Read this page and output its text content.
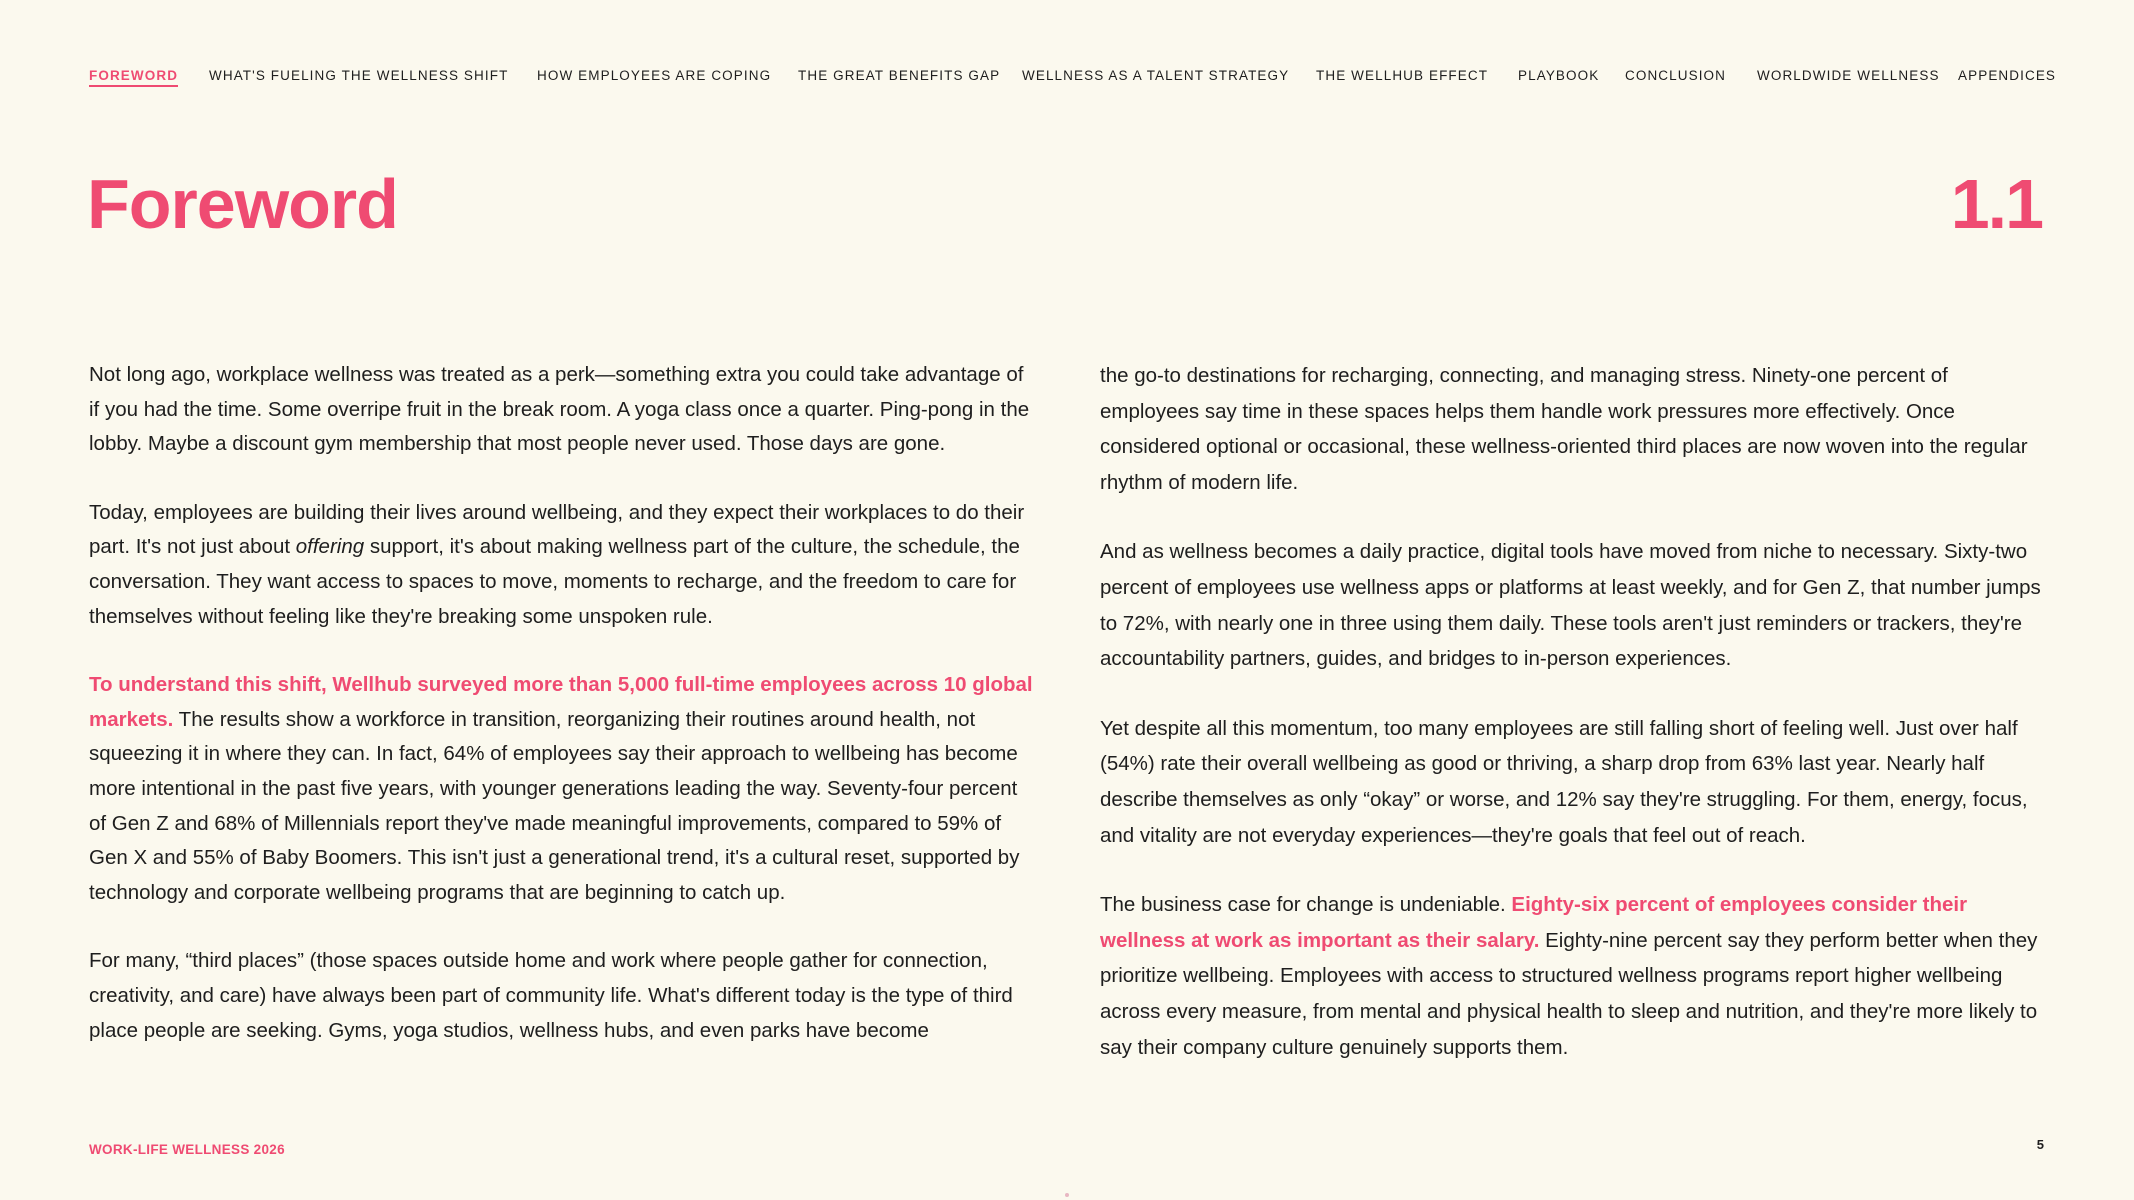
FOREWORD WHAT'S FUELING THE WELLNESS SHIFT HOW EMPLOYEES ARE COPING THE GREAT BENEFITS GAP WELLNESS AS A TALENT STRATEGY THE WELLHUB EFFECT PLAYBOOK CONCLUSION WORLDWIDE WELLNESS APPENDICES
Foreword	1.1

Not long ago, workplace wellness was treated as a perk—something extra you could take advantage of if you had the time. Some overripe fruit in the break room. A yoga class once a quarter. Ping-pong in the lobby. Maybe a discount gym membership that most people never used. Those days are gone.

Today, employees are building their lives around wellbeing, and they expect their workplaces to do their part. It's not just about offering support, it's about making wellness part of the culture, the schedule, the conversation. They want access to spaces to move, moments to recharge, and the freedom to care for themselves without feeling like they're breaking some unspoken rule.

To understand this shift, Wellhub surveyed more than 5,000 full-time employees across 10 global markets. The results show a workforce in transition, reorganizing their routines around health, not squeezing it in where they can. In fact, 64% of employees say their approach to wellbeing has become more intentional in the past five years, with younger generations leading the way. Seventy-four percent of Gen Z and 68% of Millennials report they've made meaningful improvements, compared to 59% of Gen X and 55% of Baby Boomers. This isn't just a generational trend, it's a cultural reset, supported by technology and corporate wellbeing programs that are beginning to catch up.

For many, “third places” (those spaces outside home and work where people gather for connection, creativity, and care) have always been part of community life. What's different today is the type of third place people are seeking. Gyms, yoga studios, wellness hubs, and even parks have become

the go-to destinations for recharging, connecting, and managing stress. Ninety-one percent of employees say time in these spaces helps them handle work pressures more effectively. Once considered optional or occasional, these wellness-oriented third places are now woven into the regular rhythm of modern life.

And as wellness becomes a daily practice, digital tools have moved from niche to necessary. Sixty-two percent of employees use wellness apps or platforms at least weekly, and for Gen Z, that number jumps to 72%, with nearly one in three using them daily. These tools aren't just reminders or trackers, they're accountability partners, guides, and bridges to in-person experiences.

Yet despite all this momentum, too many employees are still falling short of feeling well. Just over half (54%) rate their overall wellbeing as good or thriving, a sharp drop from 63% last year. Nearly half describe themselves as only “okay” or worse, and 12% say they're struggling. For them, energy, focus, and vitality are not everyday experiences—they're goals that feel out of reach.

The business case for change is undeniable. Eighty-six percent of employees consider their wellness at work as important as their salary. Eighty-nine percent say they perform better when they prioritize wellbeing. Employees with access to structured wellness programs report higher wellbeing across every measure, from mental and physical health to sleep and nutrition, and they're more likely to say their company culture genuinely supports them.

WORK-LIFE WELLNESS 2026	5
